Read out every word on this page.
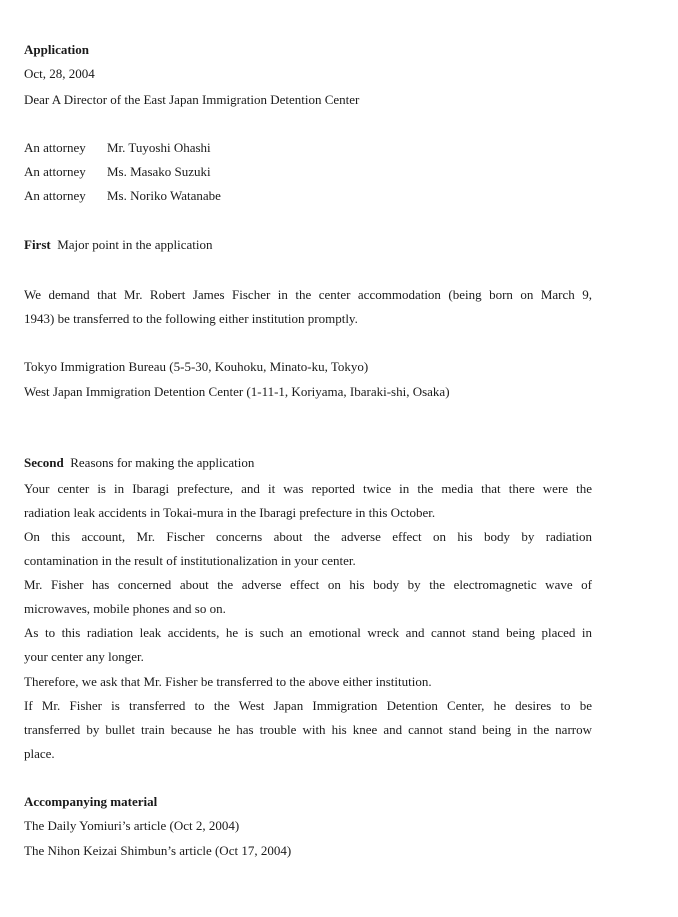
Application
Oct, 28, 2004
Dear A Director of the East Japan Immigration Detention Center
An attorney Mr. Tuyoshi Ohashi
An attorney Ms. Masako Suzuki
An attorney Ms. Noriko Watanabe
First Major point in the application
We demand that Mr. Robert James Fischer in the center accommodation (being born on March 9,
1943) be transferred to the following either institution promptly.
Tokyo Immigration Bureau (5-5-30, Kouhoku, Minato-ku, Tokyo)
West Japan Immigration Detention Center (1-11-1, Koriyama, Ibaraki-shi, Osaka)
Second Reasons for making the application
Your center is in Ibaragi prefecture, and it was reported twice in the media that there were the
radiation leak accidents in Tokai-mura in the Ibaragi prefecture in this October.
On this account, Mr. Fischer concerns about the adverse effect on his body by radiation
contamination in the result of institutionalization in your center.
Mr. Fisher has concerned about the adverse effect on his body by the electromagnetic wave of
microwaves, mobile phones and so on.
As to this radiation leak accidents, he is such an emotional wreck and cannot stand being placed in
your center any longer.
Therefore, we ask that Mr. Fisher be transferred to the above either institution.
If Mr. Fisher is transferred to the West Japan Immigration Detention Center, he desires to be
transferred by bullet train because he has trouble with his knee and cannot stand being in the narrow
place.
Accompanying material
The Daily Yomiuri’s article (Oct 2, 2004)
The Nihon Keizai Shimbun’s article (Oct 17, 2004)
